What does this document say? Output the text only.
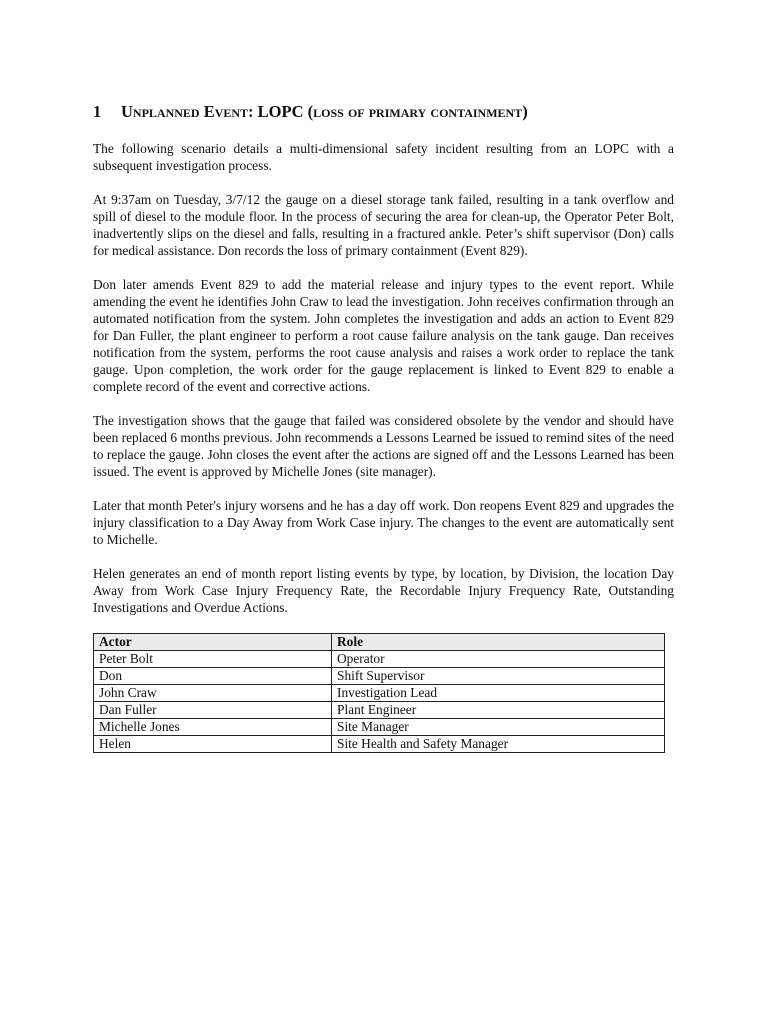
1	Unplanned Event: LOPC (loss of primary containment)

The following scenario details a multi-dimensional safety incident resulting from an LOPC with a subsequent investigation process.

At 9:37am on Tuesday, 3/7/12 the gauge on a diesel storage tank failed, resulting in a tank overflow and spill of diesel to the module floor. In the process of securing the area for clean-up, the Operator Peter Bolt, inadvertently slips on the diesel and falls, resulting in a fractured ankle. Peter’s shift supervisor (Don) calls for medical assistance. Don records the loss of primary containment (Event 829).

Don later amends Event 829 to add the material release and injury types to the event report. While amending the event he identifies John Craw to lead the investigation. John receives confirmation through an automated notification from the system. John completes the investigation and adds an action to Event 829 for Dan Fuller, the plant engineer to perform a root cause failure analysis on the tank gauge. Dan receives notification from the system, performs the root cause analysis and raises a work order to replace the tank gauge. Upon completion, the work order for the gauge replacement is linked to Event 829 to enable a complete record of the event and corrective actions.

The investigation shows that the gauge that failed was considered obsolete by the vendor and should have been replaced 6 months previous. John recommends a Lessons Learned be issued to remind sites of the need to replace the gauge. John closes the event after the actions are signed off and the Lessons Learned has been issued. The event is approved by Michelle Jones (site manager).

Later that month Peter's injury worsens and he has a day off work. Don reopens Event 829 and upgrades the injury classification to a Day Away from Work Case injury. The changes to the event are automatically sent to Michelle.

Helen generates an end of month report listing events by type, by location, by Division, the location Day Away from Work Case Injury Frequency Rate, the Recordable Injury Frequency Rate, Outstanding Investigations and Overdue Actions.

Actor	Role
Peter Bolt	Operator
Don	Shift Supervisor
John Craw	Investigation Lead
Dan Fuller	Plant Engineer
Michelle Jones	Site Manager
Helen	Site Health and Safety Manager
